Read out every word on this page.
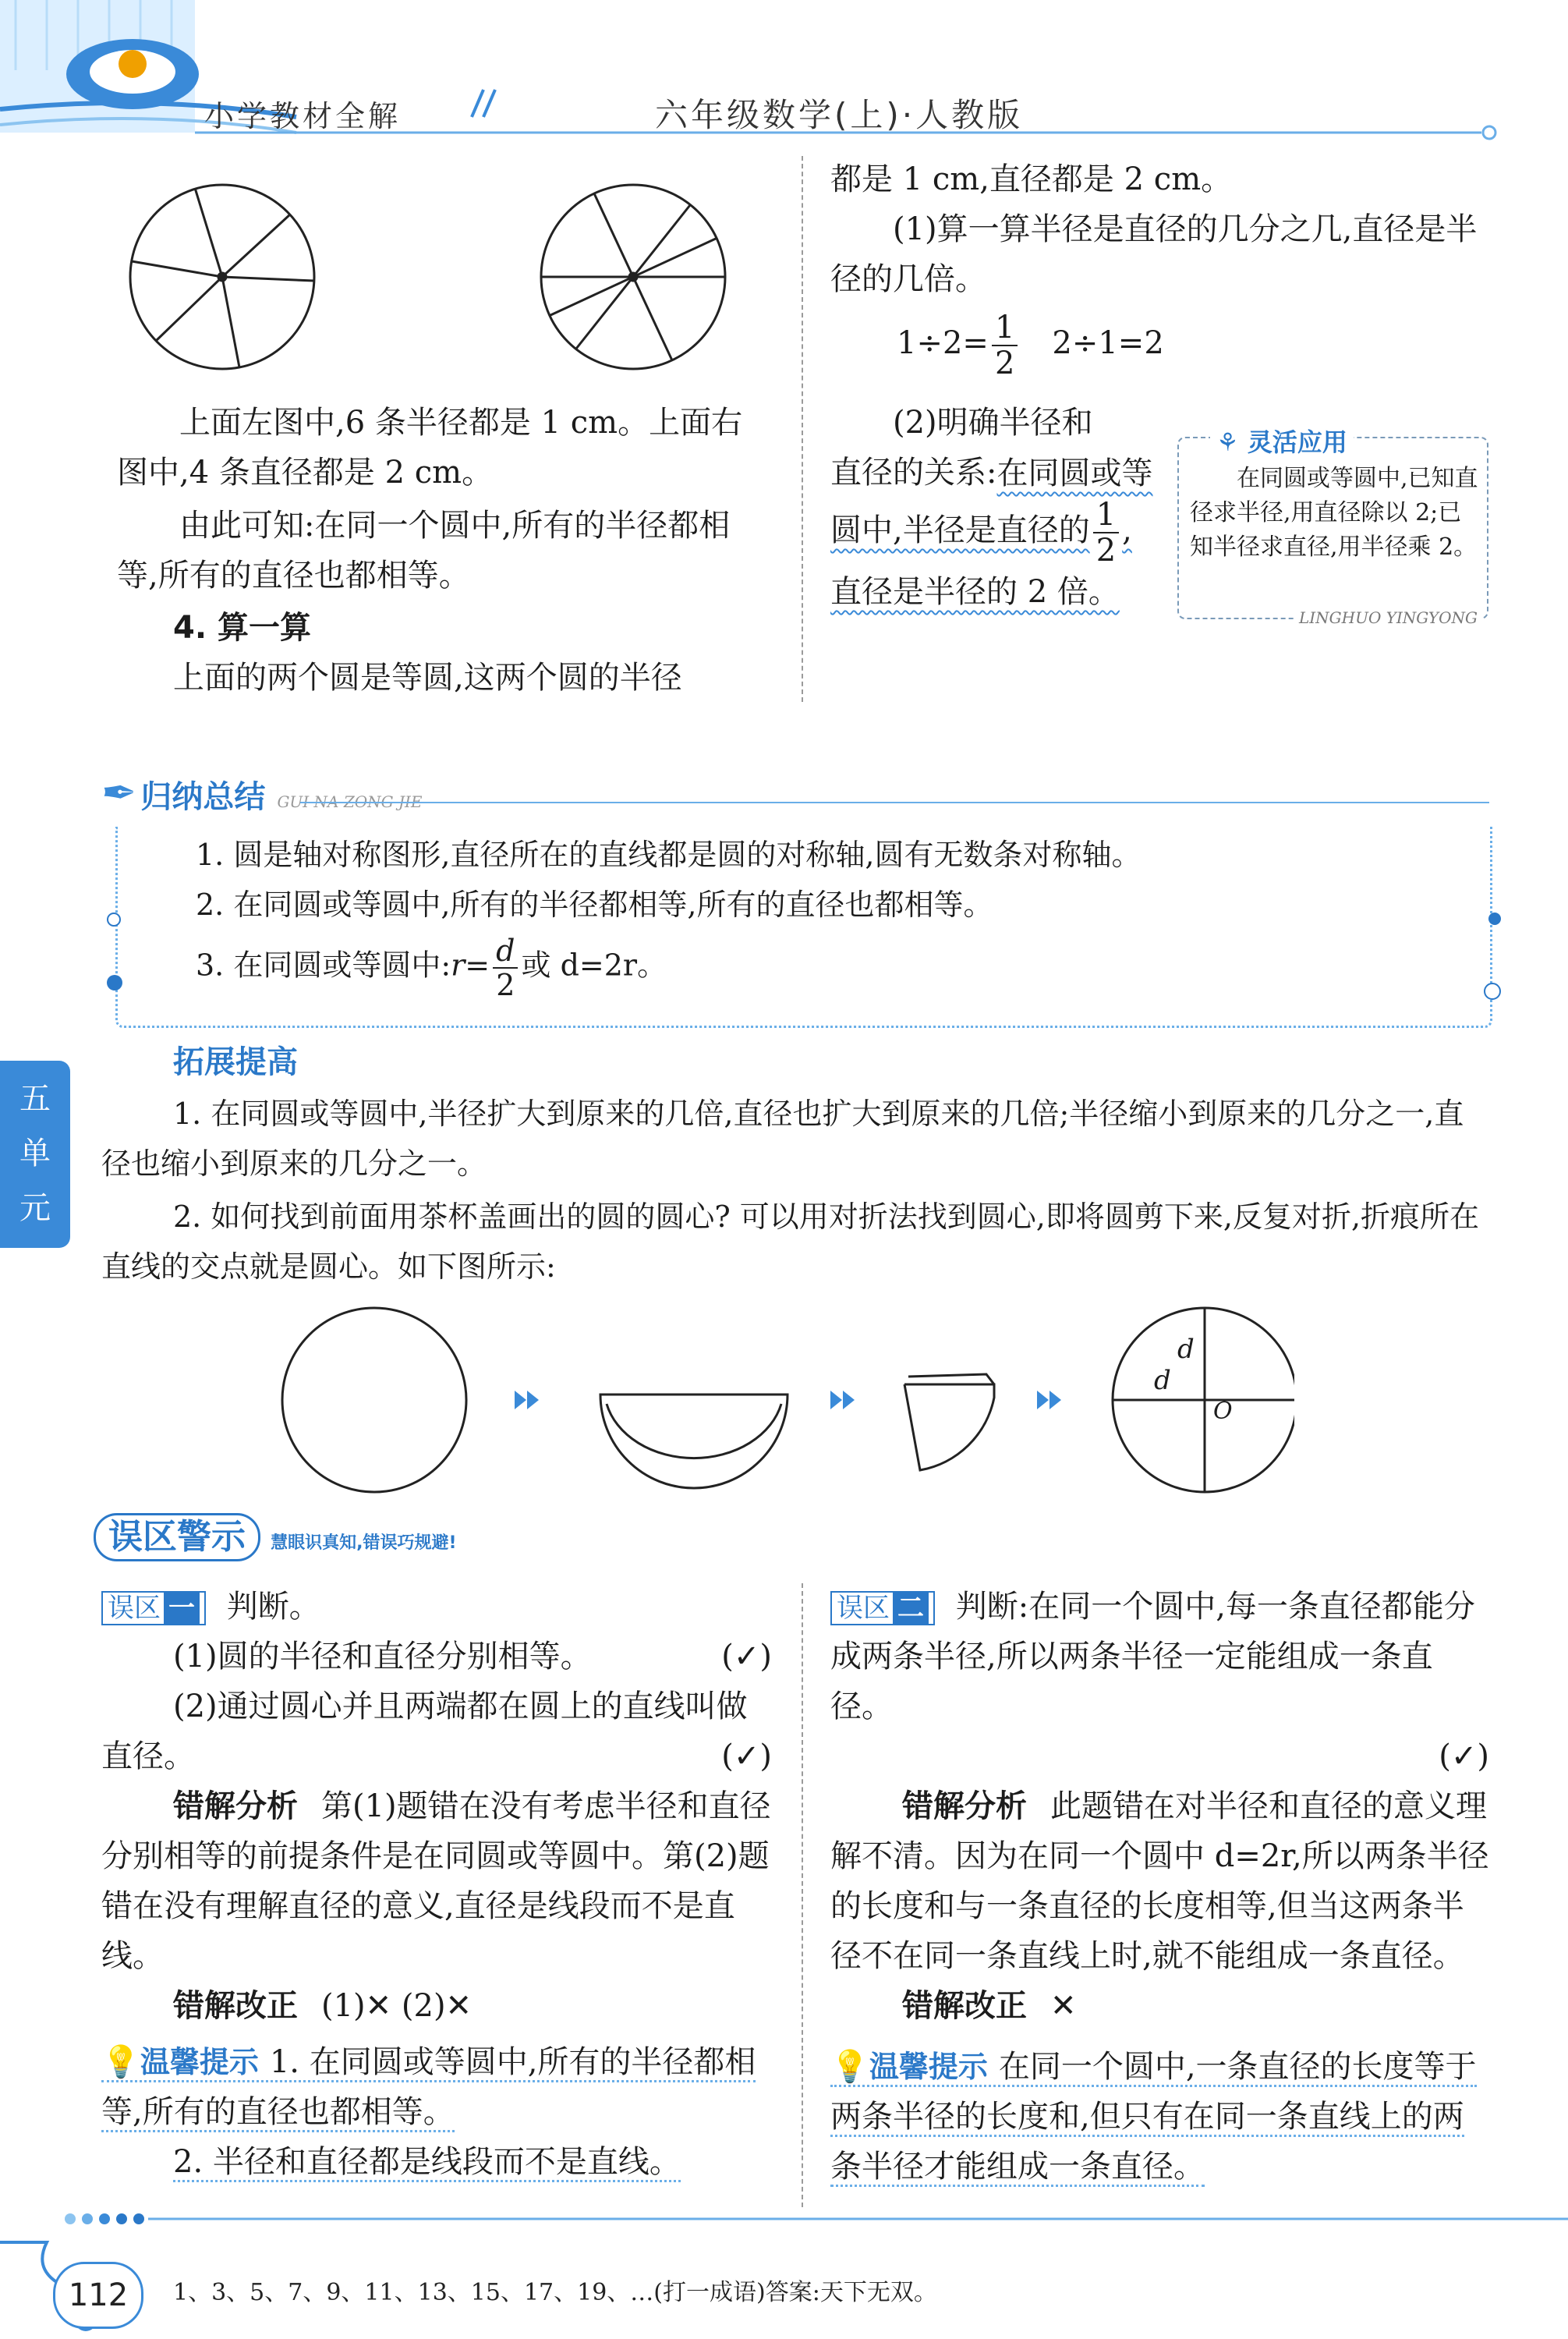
小学教材全解	六年级数学(上)·人教版
上面左图中,6 条半径都是 1 cm。上面右图中,4 条直径都是 2 cm。
由此可知:在同一个圆中,所有的半径都相等,所有的直径也都相等。
4. 算一算
上面的两个圆是等圆,这两个圆的半径
都是 1 cm,直径都是 2 cm。
(1)算一算半径是直径的几分之几,直径是半径的几倍。
$1\div 2= \frac{1}{2} 2\div 1=2$
(2)明确半径和
直径的关系: 在同圆或等圆中,半径是直径的 $\frac{1}{2}$ ,直径是半径的 2 倍。
⚘ 灵活应用
在同圆或等圆中,已知直径求半径,用直径除以 2;已知半径求直径,用半径乘 2。
LINGHUO YINGYONG
✒ 归纳总结 GUI NA ZONG JIE
1. 圆是轴对称图形,直径所在的直线都是圆的对称轴,圆有无数条对称轴。
2. 在同圆或等圆中,所有的半径都相等,所有的直径也都相等。
3. 在同圆或等圆中:r= $\frac{d}{2}$ 或 d=2r。
五
单
元
拓展提高
1. 在同圆或等圆中,半径扩大到原来的几倍,直径也扩大到原来的几倍;半径缩小到原来的几分之一,直径也缩小到原来的几分之一。
2. 如何找到前面用茶杯盖画出的圆的圆心? 可以用对折法找到圆心,即将圆剪下来,反复对折,折痕所在直线的交点就是圆心。如下图所示:
d
d
O
误区警示 慧眼识真知,错误巧规避!
误区 一 判断。
(1)圆的半径和直径分别相等。	(✓)
(2)通过圆心并且两端都在圆上的直线叫做直径。	(✓)
错解分析 第(1)题错在没有考虑半径和直径分别相等的前提条件是在同圆或等圆中。第(2)题错在没有理解直径的意义,直径是线段而不是直线。
错解改正 (1)✕ (2)✕
💡温馨提示 1. 在同圆或等圆中,所有的半径都相等,所有的直径也都相等。
2. 半径和直径都是线段而不是直线。
误区 二 判断:在同一个圆中,每一条直径都能分成两条半径,所以两条半径一定能组成一条直径。
(✓)
错解分析 此题错在对半径和直径的意义理解不清。因为在同一个圆中 d=2r,所以两条半径的长度和与一条直径的长度相等,但当这两条半径不在同一条直线上时,就不能组成一条直径。
错解改正 ✕
💡温馨提示 在同一个圆中,一条直径的长度等于两条半径的长度和,但只有在同一条直线上的两条半径才能组成一条直径。
112	1、3、5、7、9、11、13、15、17、19、…(打一成语)答案:天下无双。
